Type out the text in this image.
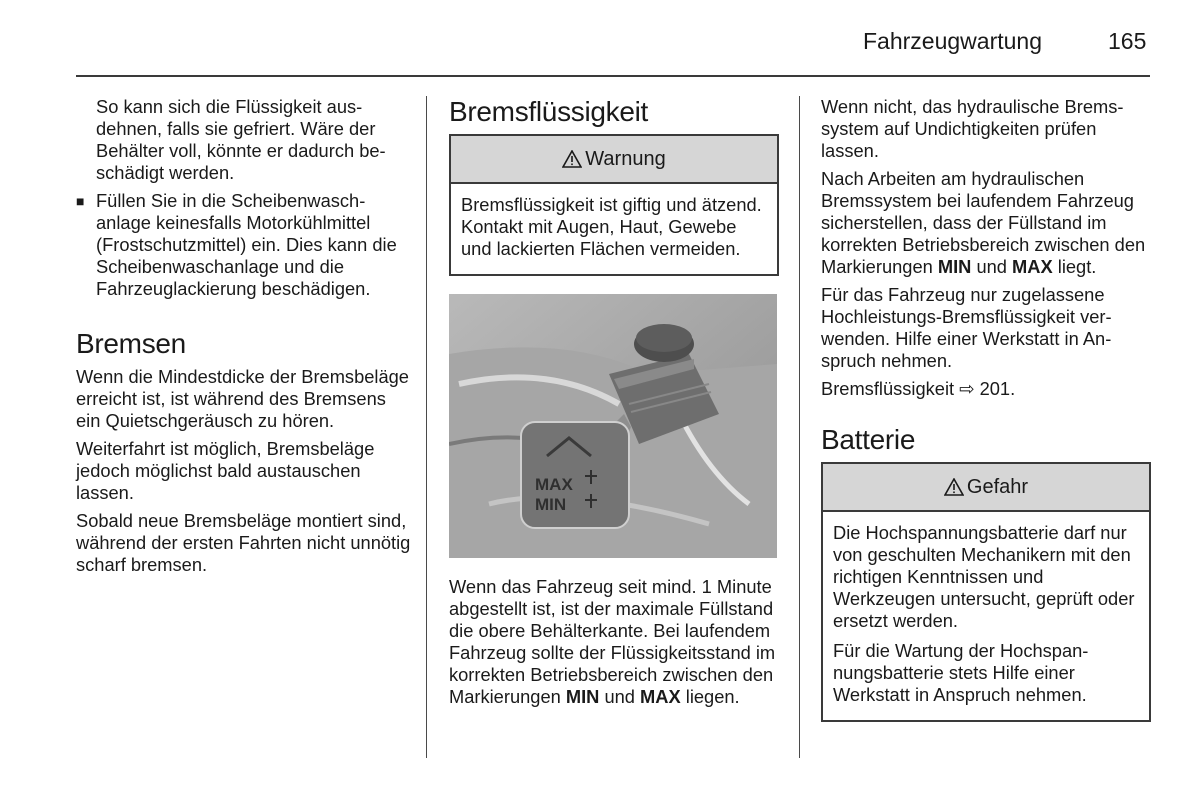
Fahrzeugwartung	165

So kann sich die Flüssigkeit ausdehnen, falls sie gefriert. Wäre der Behälter voll, könnte er dadurch beschädigt werden.

■ Füllen Sie in die Scheibenwaschanlage keinesfalls Motorkühlmittel (Frostschutzmittel) ein. Dies kann die Scheibenwaschanlage und die Fahrzeuglackierung beschädigen.
Bremsen

Wenn die Mindestdicke der Bremsbeläge erreicht ist, ist während des Bremsens ein Quietschgeräusch zu hören.

Weiterfahrt ist möglich, Bremsbeläge jedoch möglichst bald austauschen lassen.

Sobald neue Bremsbeläge montiert sind, während der ersten Fahrten nicht unnötig scharf bremsen.

Bremsflüssigkeit
Warnung

Bremsflüssigkeit ist giftig und ätzend. Kontakt mit Augen, Haut, Gewebe und lackierten Flächen vermeiden.

MAX
MIN

Wenn das Fahrzeug seit mind. 1 Minute abgestellt ist, ist der maximale Füllstand die obere Behälterkante. Bei laufendem Fahrzeug sollte der Flüssigkeitsstand im korrekten Betriebsbereich zwischen den Markierungen MIN und MAX liegen.

Wenn nicht, das hydraulische Bremssystem auf Undichtigkeiten prüfen lassen.

Nach Arbeiten am hydraulischen Bremssystem bei laufendem Fahrzeug sicherstellen, dass der Füllstand im korrekten Betriebsbereich zwischen den Markierungen MIN und MAX liegt.

Für das Fahrzeug nur zugelassene Hochleistungs-Bremsflüssigkeit verwenden. Hilfe einer Werkstatt in Anspruch nehmen.

Bremsflüssigkeit ⇨ 201.

Batterie
Gefahr

Die Hochspannungsbatterie darf nur von geschulten Mechanikern mit den richtigen Kenntnissen und Werkzeugen untersucht, geprüft oder ersetzt werden.

Für die Wartung der Hochspannungsbatterie stets Hilfe einer Werkstatt in Anspruch nehmen.
